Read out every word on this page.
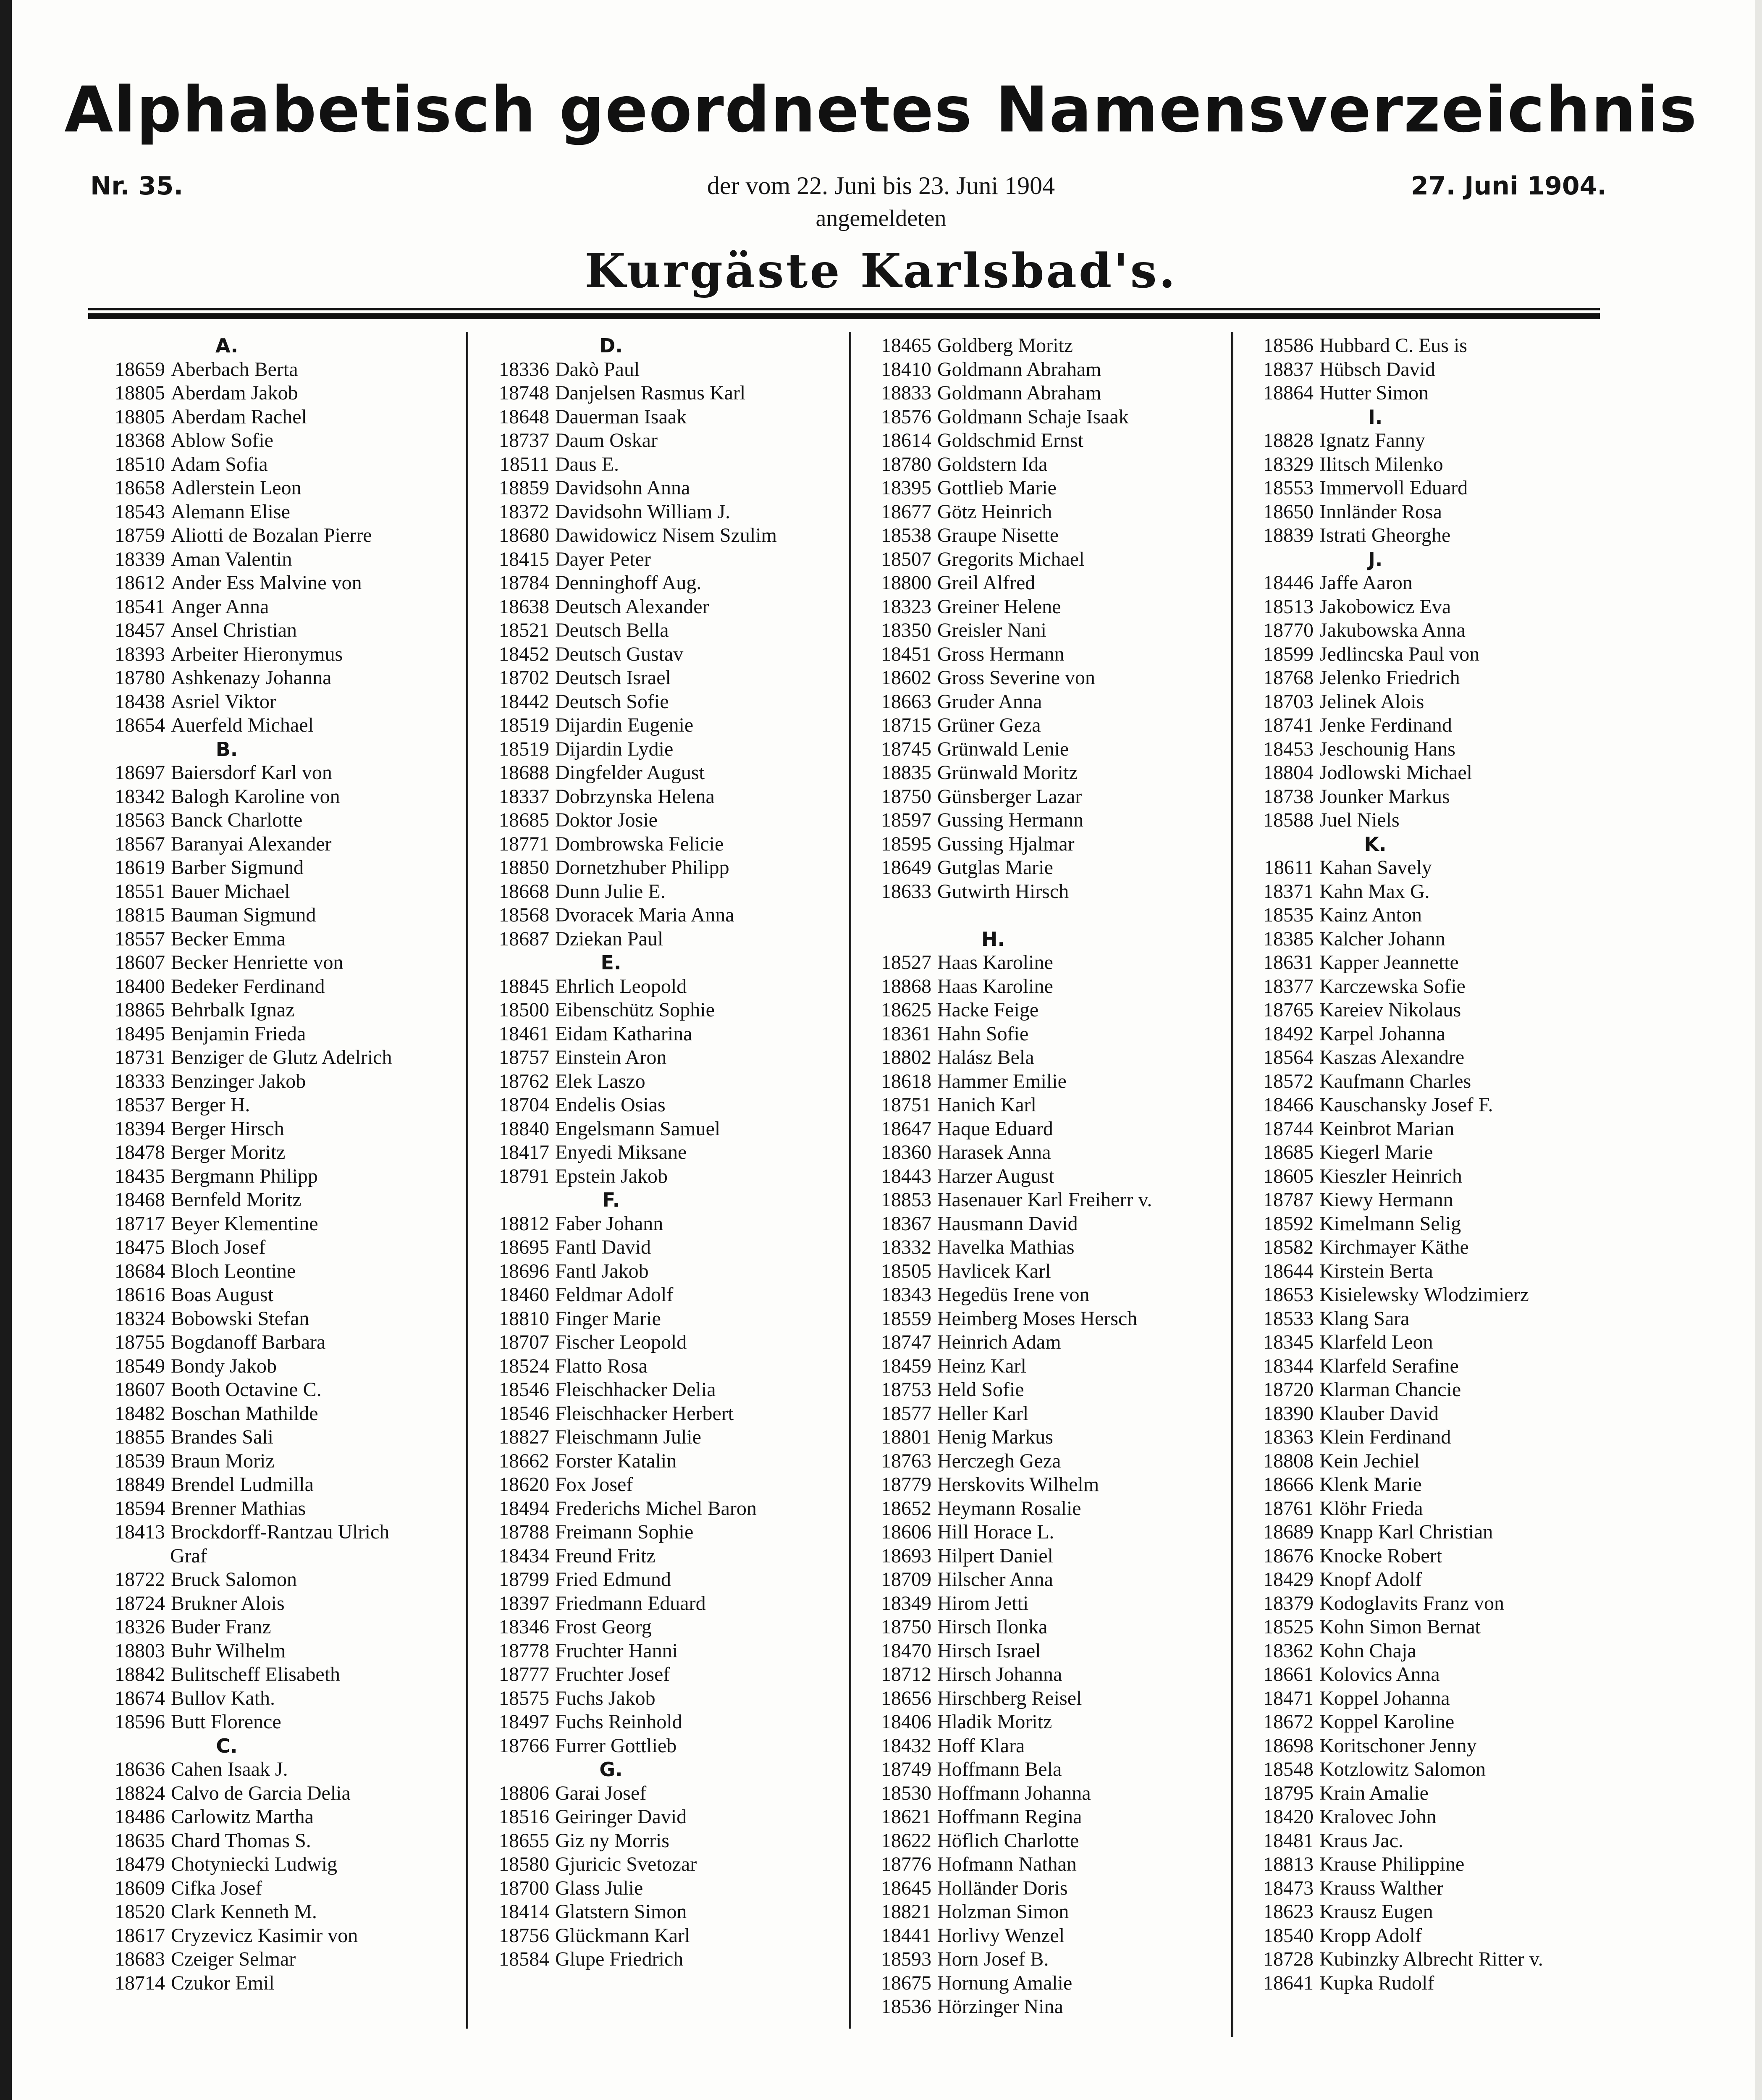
Alphabetisch geordnetes Namensverzeichnis
Nr. 35.	der vom 22. Juni bis 23. Juni 1904	27. Juni 1904.
angemeldeten
Kurgäste Karlsbad's.
A.
18659 Aberbach Berta
18805 Aberdam Jakob
18805 Aberdam Rachel
18368 Ablow Sofie
18510 Adam Sofia
18658 Adlerstein Leon
18543 Alemann Elise
18759 Aliotti de Bozalan Pierre
18339 Aman Valentin
18612 Ander Ess Malvine von
18541 Anger Anna
18457 Ansel Christian
18393 Arbeiter Hieronymus
18780 Ashkenazy Johanna
18438 Asriel Viktor
18654 Auerfeld Michael
B.
18697 Baiersdorf Karl von
18342 Balogh Karoline von
18563 Banck Charlotte
18567 Baranyai Alexander
18619 Barber Sigmund
18551 Bauer Michael
18815 Bauman Sigmund
18557 Becker Emma
18607 Becker Henriette von
18400 Bedeker Ferdinand
18865 Behrbalk Ignaz
18495 Benjamin Frieda
18731 Benziger de Glutz Adelrich
18333 Benzinger Jakob
18537 Berger H.
18394 Berger Hirsch
18478 Berger Moritz
18435 Bergmann Philipp
18468 Bernfeld Moritz
18717 Beyer Klementine
18475 Bloch Josef
18684 Bloch Leontine
18616 Boas August
18324 Bobowski Stefan
18755 Bogdanoff Barbara
18549 Bondy Jakob
18607 Booth Octavine C.
18482 Boschan Mathilde
18855 Brandes Sali
18539 Braun Moriz
18849 Brendel Ludmilla
18594 Brenner Mathias
18413 Brockdorff-Rantzau Ulrich
Graf
18722 Bruck Salomon
18724 Brukner Alois
18326 Buder Franz
18803 Buhr Wilhelm
18842 Bulitscheff Elisabeth
18674 Bullov Kath.
18596 Butt Florence
C.
18636 Cahen Isaak J.
18824 Calvo de Garcia Delia
18486 Carlowitz Martha
18635 Chard Thomas S.
18479 Chotyniecki Ludwig
18609 Cifka Josef
18520 Clark Kenneth M.
18617 Cryzevicz Kasimir von
18683 Czeiger Selmar
18714 Czukor Emil
D.
18336 Dakò Paul
18748 Danjelsen Rasmus Karl
18648 Dauerman Isaak
18737 Daum Oskar
18511 Daus E.
18859 Davidsohn Anna
18372 Davidsohn William J.
18680 Dawidowicz Nisem Szulim
18415 Dayer Peter
18784 Denninghoff Aug.
18638 Deutsch Alexander
18521 Deutsch Bella
18452 Deutsch Gustav
18702 Deutsch Israel
18442 Deutsch Sofie
18519 Dijardin Eugenie
18519 Dijardin Lydie
18688 Dingfelder August
18337 Dobrzynska Helena
18685 Doktor Josie
18771 Dombrowska Felicie
18850 Dornetzhuber Philipp
18668 Dunn Julie E.
18568 Dvoracek Maria Anna
18687 Dziekan Paul
E.
18845 Ehrlich Leopold
18500 Eibenschütz Sophie
18461 Eidam Katharina
18757 Einstein Aron
18762 Elek Laszo
18704 Endelis Osias
18840 Engelsmann Samuel
18417 Enyedi Miksane
18791 Epstein Jakob
F.
18812 Faber Johann
18695 Fantl David
18696 Fantl Jakob
18460 Feldmar Adolf
18810 Finger Marie
18707 Fischer Leopold
18524 Flatto Rosa
18546 Fleischhacker Delia
18546 Fleischhacker Herbert
18827 Fleischmann Julie
18662 Forster Katalin
18620 Fox Josef
18494 Frederichs Michel Baron
18788 Freimann Sophie
18434 Freund Fritz
18799 Fried Edmund
18397 Friedmann Eduard
18346 Frost Georg
18778 Fruchter Hanni
18777 Fruchter Josef
18575 Fuchs Jakob
18497 Fuchs Reinhold
18766 Furrer Gottlieb
G.
18806 Garai Josef
18516 Geiringer David
18655 Giz ny Morris
18580 Gjuricic Svetozar
18700 Glass Julie
18414 Glatstern Simon
18756 Glückmann Karl
18584 Glupe Friedrich
18465 Goldberg Moritz
18410 Goldmann Abraham
18833 Goldmann Abraham
18576 Goldmann Schaje Isaak
18614 Goldschmid Ernst
18780 Goldstern Ida
18395 Gottlieb Marie
18677 Götz Heinrich
18538 Graupe Nisette
18507 Gregorits Michael
18800 Greil Alfred
18323 Greiner Helene
18350 Greisler Nani
18451 Gross Hermann
18602 Gross Severine von
18663 Gruder Anna
18715 Grüner Geza
18745 Grünwald Lenie
18835 Grünwald Moritz
18750 Günsberger Lazar
18597 Gussing Hermann
18595 Gussing Hjalmar
18649 Gutglas Marie
18633 Gutwirth Hirsch
H.
18527 Haas Karoline
18868 Haas Karoline
18625 Hacke Feige
18361 Hahn Sofie
18802 Halász Bela
18618 Hammer Emilie
18751 Hanich Karl
18647 Haque Eduard
18360 Harasek Anna
18443 Harzer August
18853 Hasenauer Karl Freiherr v.
18367 Hausmann David
18332 Havelka Mathias
18505 Havlicek Karl
18343 Hegedüs Irene von
18559 Heimberg Moses Hersch
18747 Heinrich Adam
18459 Heinz Karl
18753 Held Sofie
18577 Heller Karl
18801 Henig Markus
18763 Herczegh Geza
18779 Herskovits Wilhelm
18652 Heymann Rosalie
18606 Hill Horace L.
18693 Hilpert Daniel
18709 Hilscher Anna
18349 Hirom Jetti
18750 Hirsch Ilonka
18470 Hirsch Israel
18712 Hirsch Johanna
18656 Hirschberg Reisel
18406 Hladik Moritz
18432 Hoff Klara
18749 Hoffmann Bela
18530 Hoffmann Johanna
18621 Hoffmann Regina
18622 Höflich Charlotte
18776 Hofmann Nathan
18645 Holländer Doris
18821 Holzman Simon
18441 Horlivy Wenzel
18593 Horn Josef B.
18675 Hornung Amalie
18536 Hörzinger Nina
18586 Hubbard C. Eus is
18837 Hübsch David
18864 Hutter Simon
I.
18828 Ignatz Fanny
18329 Ilitsch Milenko
18553 Immervoll Eduard
18650 Innländer Rosa
18839 Istrati Gheorghe
J.
18446 Jaffe Aaron
18513 Jakobowicz Eva
18770 Jakubowska Anna
18599 Jedlincska Paul von
18768 Jelenko Friedrich
18703 Jelinek Alois
18741 Jenke Ferdinand
18453 Jeschounig Hans
18804 Jodlowski Michael
18738 Jounker Markus
18588 Juel Niels
K.
18611 Kahan Savely
18371 Kahn Max G.
18535 Kainz Anton
18385 Kalcher Johann
18631 Kapper Jeannette
18377 Karczewska Sofie
18765 Kareiev Nikolaus
18492 Karpel Johanna
18564 Kaszas Alexandre
18572 Kaufmann Charles
18466 Kauschansky Josef F.
18744 Keinbrot Marian
18685 Kiegerl Marie
18605 Kieszler Heinrich
18787 Kiewy Hermann
18592 Kimelmann Selig
18582 Kirchmayer Käthe
18644 Kirstein Berta
18653 Kisielewsky Wlodzimierz
18533 Klang Sara
18345 Klarfeld Leon
18344 Klarfeld Serafine
18720 Klarman Chancie
18390 Klauber David
18363 Klein Ferdinand
18808 Kein Jechiel
18666 Klenk Marie
18761 Klöhr Frieda
18689 Knapp Karl Christian
18676 Knocke Robert
18429 Knopf Adolf
18379 Kodoglavits Franz von
18525 Kohn Simon Bernat
18362 Kohn Chaja
18661 Kolovics Anna
18471 Koppel Johanna
18672 Koppel Karoline
18698 Koritschoner Jenny
18548 Kotzlowitz Salomon
18795 Krain Amalie
18420 Kralovec John
18481 Kraus Jac.
18813 Krause Philippine
18473 Krauss Walther
18623 Krausz Eugen
18540 Kropp Adolf
18728 Kubinzky Albrecht Ritter v.
18641 Kupka Rudolf
